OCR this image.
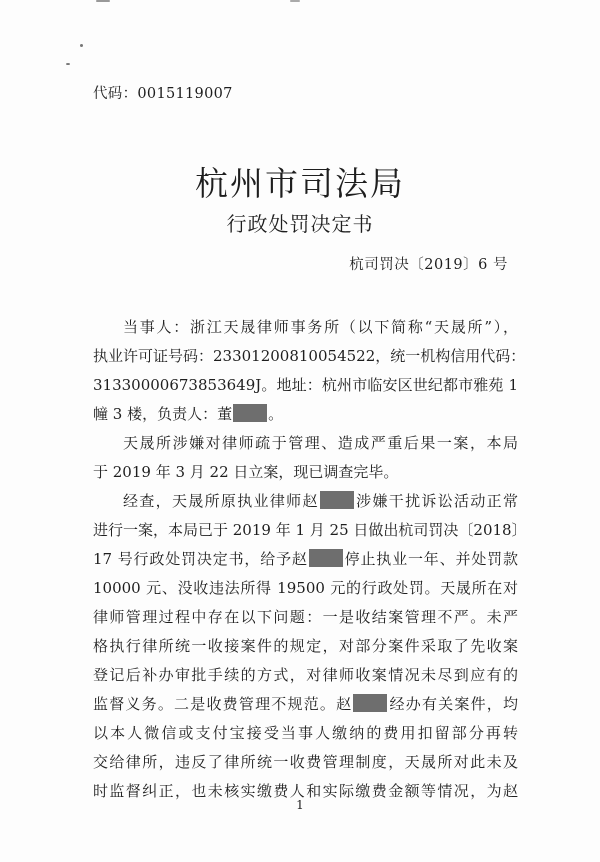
代码：0015119007
杭州市司法局
行政处罚决定书
杭司罚决〔2019〕6 号
当事人：浙江天晟律师事务所（以下简称“天晟所”），
执业许可证号码：23301200810054522，统一机构信用代码：
31330000673853649J。地址：杭州市临安区世纪都市雅苑 1
幢 3 楼，负责人：董 。
天晟所涉嫌对律师疏于管理、造成严重后果一案，本局
于 2019 年 3 月 22 日立案，现已调查完毕。
经查，天晟所原执业律师赵 涉嫌干扰诉讼活动正常
进行一案，本局已于 2019 年 1 月 25 日做出杭司罚决〔2018〕
17 号行政处罚决定书，给予赵 停止执业一年、并处罚款
10000 元、没收违法所得 19500 元的行政处罚。天晟所在对
律师管理过程中存在以下问题：一是收结案管理不严。未严
格执行律所统一收接案件的规定，对部分案件采取了先收案
登记后补办审批手续的方式，对律师收案情况未尽到应有的
监督义务。二是收费管理不规范。赵 经办有关案件，均
以本人微信或支付宝接受当事人缴纳的费用扣留部分再转
交给律所，违反了律所统一收费管理制度，天晟所对此未及
时监督纠正，也未核实缴费人和实际缴费金额等情况，为赵
1
